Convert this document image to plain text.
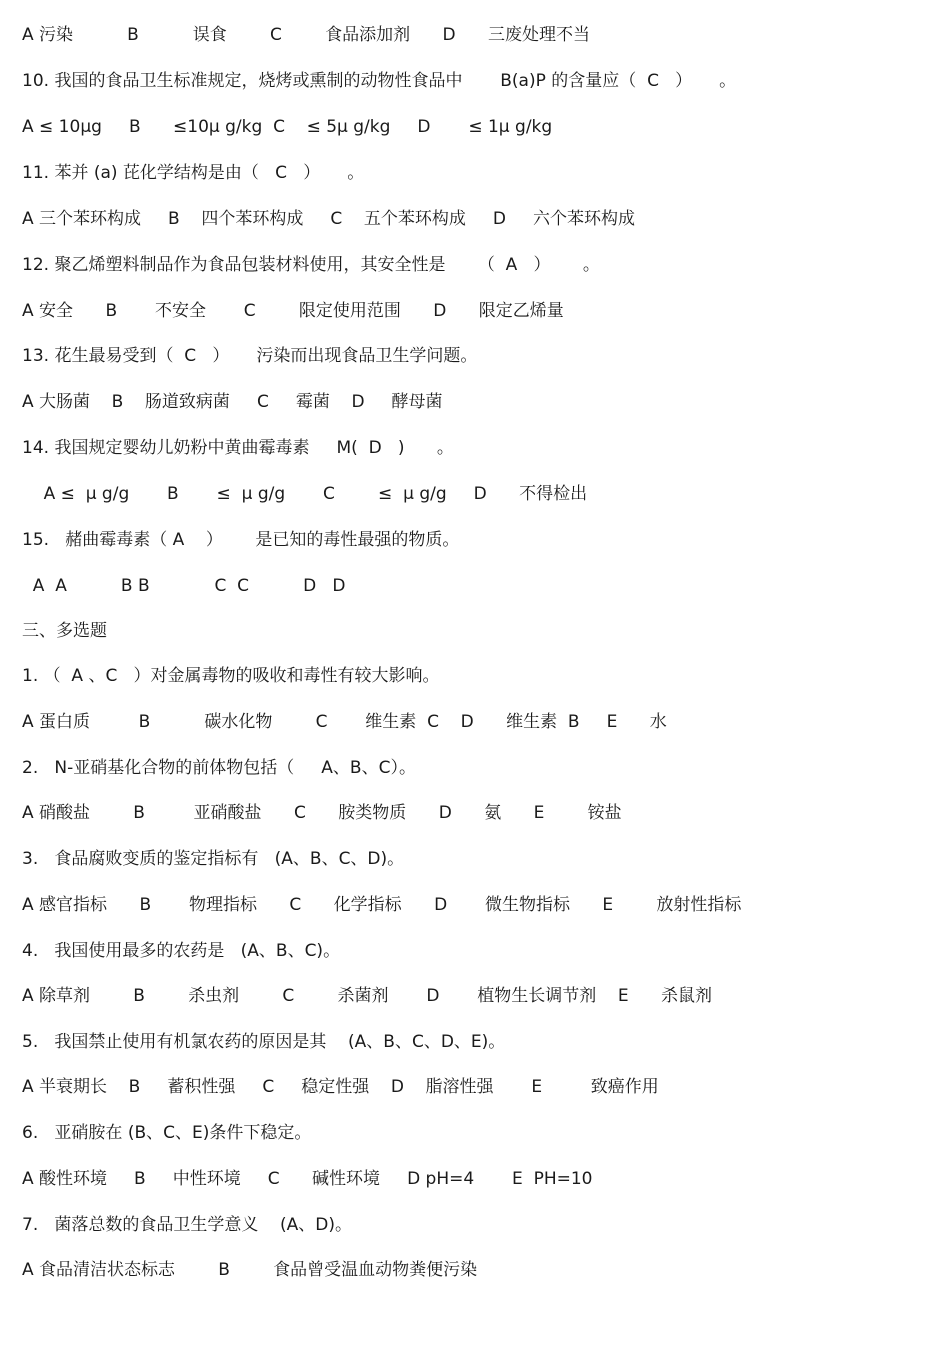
A 污染          B          误食        C        食品添加剂      D      三废处理不当
10. 我国的食品卫生标准规定，烧烤或熏制的动物性食品中       B(a)P 的含量应（  C   ）     。
A ≤ 10μg     B      ≤10μ g/kg  C    ≤ 5μ g/kg     D       ≤ 1μ g/kg
11. 苯并 (a) 芘化学结构是由（   C   ）     。
A 三个苯环构成     B    四个苯环构成     C    五个苯环构成     D     六个苯环构成
12. 聚乙烯塑料制品作为食品包装材料使用，其安全性是      （  A   ）      。
A 安全      B       不安全       C        限定使用范围      D      限定乙烯量
13. 花生最易受到（  C   ）     污染而出现食品卫生学问题。
A 大肠菌    B    肠道致病菌     C     霉菌    D     酵母菌
14. 我国规定婴幼儿奶粉中黄曲霉毒素     M(  D   )      。
A ≤  μ g/g       B       ≤  μ g/g       C        ≤  μ g/g     D      不得检出
15.   赭曲霉毒素（ A    ）      是已知的毒性最强的物质。
A  A          B B            C  C          D   D
三、多选题
1. （  A 、C   ）对金属毒物的吸收和毒性有较大影响。
A 蛋白质         B          碳水化物        C       维生素  C    D      维生素  B     E      水
2.   N-亚硝基化合物的前体物包括（     A、B、C）。
A 硝酸盐        B         亚硝酸盐      C      胺类物质      D      氨      E        铵盐
3.   食品腐败变质的鉴定指标有   (A、B、C、D)。
A 感官指标      B       物理指标      C      化学指标      D       微生物指标      E        放射性指标
4.   我国使用最多的农药是   (A、B、C)。
A 除草剂        B        杀虫剂        C        杀菌剂       D       植物生长调节剂    E      杀鼠剂
5.   我国禁止使用有机氯农药的原因是其    (A、B、C、D、E)。
A 半衰期长    B     蓄积性强     C     稳定性强    D    脂溶性强       E         致癌作用
6.   亚硝胺在 (B、C、E)条件下稳定。
A 酸性环境     B     中性环境     C      碱性环境     D pH=4       E  PH=10
7.   菌落总数的食品卫生学意义    (A、D)。
A 食品清洁状态标志        B        食品曾受温血动物粪便污染
